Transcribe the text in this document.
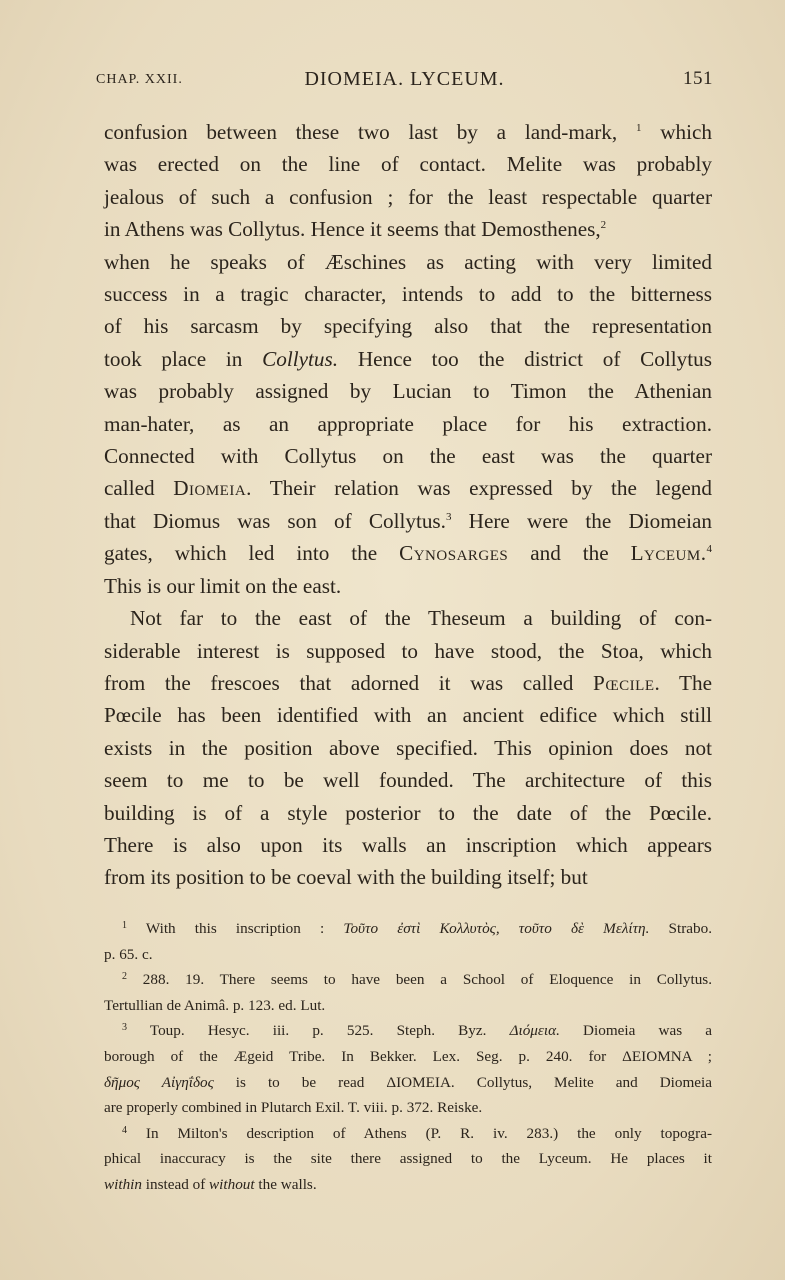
CHAP. XXII.	DIOMEIA. LYCEUM.	151
confusion between these two last by a land-mark, $^1$ which
was erected on the line of contact. Melite was probably
jealous of such a confusion ; for the least respectable quarter
in Athens was Collytus. Hence it seems that Demosthenes,$^2$
when he speaks of Æschines as acting with very limited
success in a tragic character, intends to add to the bitterness
of his sarcasm by specifying also that the representation
took place in Collytus. Hence too the district of Collytus
was probably assigned by Lucian to Timon the Athenian
man-hater, as an appropriate place for his extraction.
Connected with Collytus on the east was the quarter
called Diomeia. Their relation was expressed by the legend
that Diomus was son of Collytus.$^3$ Here were the Diomeian
gates, which led into the Cynosarges and the Lyceum.$^4$
This is our limit on the east.
Not far to the east of the Theseum a building of con-
siderable interest is supposed to have stood, the Stoa, which
from the frescoes that adorned it was called Pœcile. The
Pœcile has been identified with an ancient edifice which still
exists in the position above specified. This opinion does not
seem to me to be well founded. The architecture of this
building is of a style posterior to the date of the Pœcile.
There is also upon its walls an inscription which appears
from its position to be coeval with the building itself; but
$^1$ With this inscription : Τοῦτο ἐστὶ Κολλυτὸς, τοῦτο δὲ Μελίτη. Strabo.
p. 65. c.
$^2$ 288. 19. There seems to have been a School of Eloquence in Collytus.
Tertullian de Animâ. p. 123. ed. Lut.
$^3$ Toup. Hesyc. iii. p. 525. Steph. Byz. Διόμεια. Diomeia was a
borough of the Ægeid Tribe. In Bekker. Lex. Seg. p. 240. for ΔΕΙΟΜΝΑ ;
δῆμος Αἰγηΐδος is to be read ΔΙΟΜΕΙΑ. Collytus, Melite and Diomeia
are properly combined in Plutarch Exil. T. viii. p. 372. Reiske.
$^4$ In Milton's description of Athens (P. R. iv. 283.) the only topogra-
phical inaccuracy is the site there assigned to the Lyceum. He places it
within instead of without the walls.
